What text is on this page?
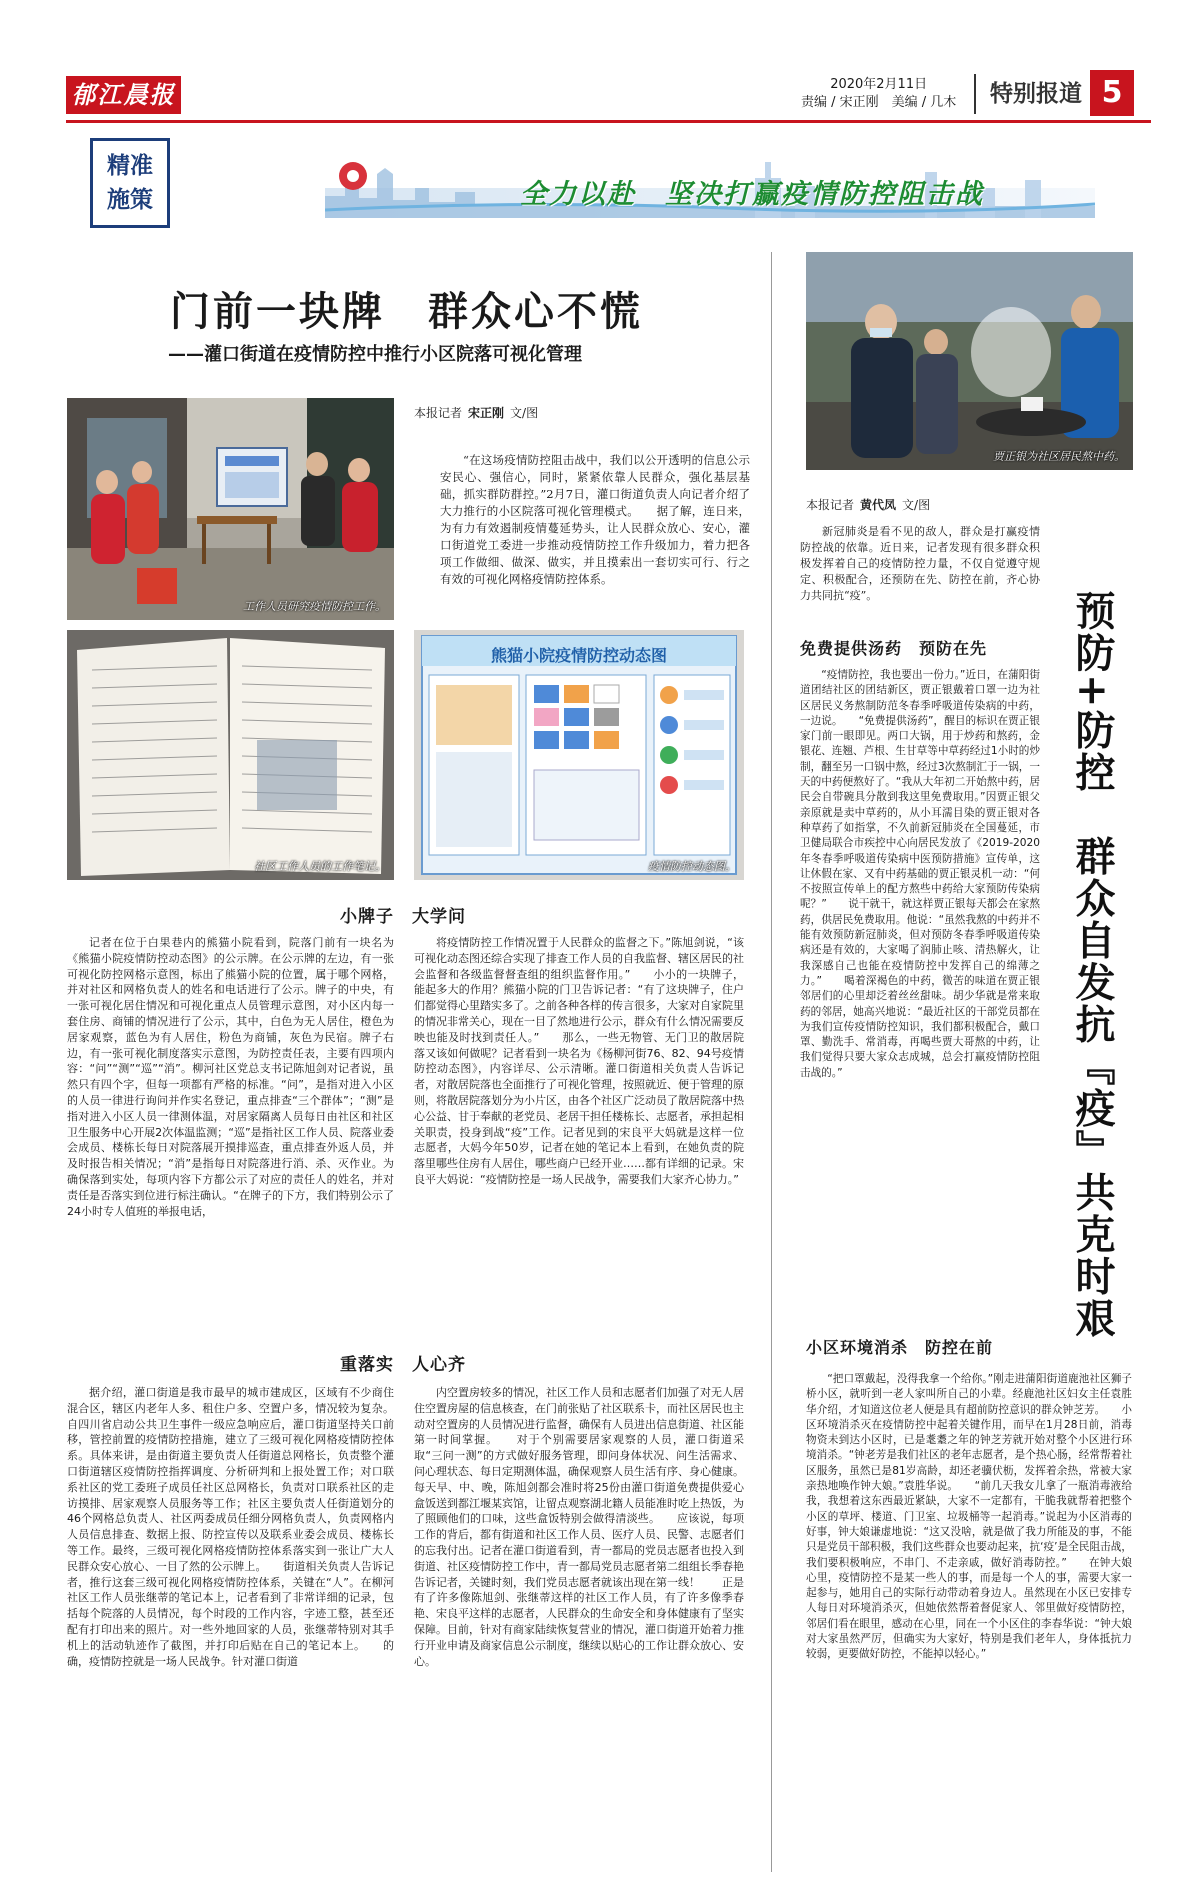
郁江晨报	2020年2月11日
责编 / 宋正刚　美编 / 几木	特别报道 5
精准
施策	全力以赴　坚决打赢疫情防控阻击战
门前一块牌　群众心不慌
——灌口街道在疫情防控中推行小区院落可视化管理
工作人员研究疫情防控工作。
社区工作人员的工作笔记。
熊猫小院疫情防控动态图
疫情防控动态图。
本报记者 宋正刚 文/图
“在这场疫情防控阻击战中，我们以公开透明的信息公示安民心、强信心，同时，紧紧依靠人民群众，强化基层基础，抓实群防群控。”2月7日，灌口街道负责人向记者介绍了大力推行的小区院落可视化管理模式。　　据了解，连日来，为有力有效遏制疫情蔓延势头，让人民群众放心、安心，灌口街道党工委进一步推动疫情防控工作升级加力，着力把各项工作做细、做深、做实，并且摸索出一套切实可行、行之有效的可视化网格疫情防控体系。
小牌子　大学问

记者在位于白果巷内的熊猫小院看到，院落门前有一块名为《熊猫小院疫情防控动态图》的公示牌。在公示牌的左边，有一张可视化防控网格示意图，标出了熊猫小院的位置，属于哪个网格，并对社区和网格负责人的姓名和电话进行了公示。牌子的中央，有一张可视化居住情况和可视化重点人员管理示意图，对小区内每一套住房、商铺的情况进行了公示，其中，白色为无人居住，橙色为居家观察，蓝色为有人居住，粉色为商铺，灰色为民宿。牌子右边，有一张可视化制度落实示意图，为防控责任表，主要有四项内容：“问”“测”“巡”“消”。柳河社区党总支书记陈旭剑对记者说，虽然只有四个字，但每一项都有严格的标准。“问”，是指对进入小区的人员一律进行询问并作实名登记，重点排查“三个群体”；“测”是指对进入小区人员一律测体温，对居家隔离人员每日由社区和社区卫生服务中心开展2次体温监测；“巡”是指社区工作人员、院落业委会成员、楼栋长每日对院落展开摸排巡查，重点排查外返人员，并及时报告相关情况；“消”是指每日对院落进行消、杀、灭作业。为确保落到实处，每项内容下方都公示了对应的责任人的姓名，并对责任是否落实到位进行标注确认。“在牌子的下方，我们特别公示了24小时专人值班的举报电话，

将疫情防控工作情况置于人民群众的监督之下。”陈旭剑说，“该可视化动态图还综合实现了排查工作人员的自我监督、辖区居民的社会监督和各级监督督查组的组织监督作用。”　　小小的一块牌子，能起多大的作用？熊猫小院的门卫告诉记者：“有了这块牌子，住户们都觉得心里踏实多了。之前各种各样的传言很多，大家对自家院里的情况非常关心，现在一目了然地进行公示，群众有什么情况需要反映也能及时找到责任人。”　　那么，一些无物管、无门卫的散居院落又该如何做呢？记者看到一块名为《杨柳河街76、82、94号疫情防控动态图》，内容详尽、公示清晰。灌口街道相关负责人告诉记者，对散居院落也全面推行了可视化管理，按照就近、便于管理的原则，将散居院落划分为小片区，由各个社区广泛动员了散居院落中热心公益、甘于奉献的老党员、老居干担任楼栋长、志愿者，承担起相关职责，投身到战“疫”工作。记者见到的宋良平大妈就是这样一位志愿者，大妈今年50岁，记者在她的笔记本上看到，在她负责的院落里哪些住房有人居住，哪些商户已经开业……都有详细的记录。宋良平大妈说：“疫情防控是一场人民战争，需要我们大家齐心协力。”

重落实　人心齐

据介绍，灌口街道是我市最早的城市建成区，区域有不少商住混合区，辖区内老年人多、租住户多、空置户多，情况较为复杂。自四川省启动公共卫生事件一级应急响应后，灌口街道坚持关口前移，管控前置的疫情防控措施，建立了三级可视化网格疫情防控体系。具体来讲，是由街道主要负责人任街道总网格长，负责整个灌口街道辖区疫情防控指挥调度、分析研判和上报处置工作；对口联系社区的党工委班子成员任社区总网格长，负责对口联系社区的走访摸排、居家观察人员服务等工作；社区主要负责人任街道划分的46个网格总负责人、社区两委成员任细分网格负责人，负责网格内人员信息排查、数据上报、防控宣传以及联系业委会成员、楼栋长等工作。最终，三级可视化网格疫情防控体系落实到一张让广大人民群众安心放心、一目了然的公示牌上。　　街道相关负责人告诉记者，推行这套三级可视化网格疫情防控体系，关键在“人”。在柳河社区工作人员张继蒂的笔记本上，记者看到了非常详细的记录，包括每个院落的人员情况，每个时段的工作内容，字迹工整，甚至还配有打印出来的照片。对一些外地回家的人员，张继蒂特别对其手机上的活动轨迹作了截图，并打印后贴在自己的笔记本上。　　的确，疫情防控就是一场人民战争。针对灌口街道

内空置房较多的情况，社区工作人员和志愿者们加强了对无人居住空置房屋的信息核查，在门前张贴了社区联系卡，而社区居民也主动对空置房的人员情况进行监督，确保有人员进出信息街道、社区能第一时间掌握。　　对于个别需要居家观察的人员，灌口街道采取“三问一测”的方式做好服务管理，即问身体状况、问生活需求、问心理状态、每日定期测体温，确保观察人员生活有序、身心健康。每天早、中、晚，陈旭剑都会准时将25份由灌口街道免费提供爱心盒饭送到都江堰某宾馆，让留点观察湖北籍人员能准时吃上热饭，为了照顾他们的口味，这些盒饭特别会做得清淡些。　　应该说，每项工作的背后，都有街道和社区工作人员、医疗人员、民警、志愿者们的忘我付出。记者在灌口街道看到，青一都局的党员志愿者也投入到街道、社区疫情防控工作中，青一都局党员志愿者第二组组长季春艳告诉记者，关键时刻，我们党员志愿者就该出现在第一线！　　正是有了许多像陈旭剑、张继蒂这样的社区工作人员，有了许多像季春艳、宋良平这样的志愿者，人民群众的生命安全和身体健康有了坚实保障。目前，针对有商家陆续恢复营业的情况，灌口街道开始着力推行开业申请及商家信息公示制度，继续以贴心的工作让群众放心、安心。

贾正银为社区居民熬中药。
本报记者 黄代凤 文/图
预防+防控　群众自发抗『疫』共克时艰
新冠肺炎是看不见的敌人，群众是打赢疫情防控战的依靠。近日来，记者发现有很多群众积极发挥着自己的疫情防控力量，不仅自觉遵守规定、积极配合，还预防在先、防控在前，齐心协力共同抗“疫”。
免费提供汤药　预防在先

“疫情防控，我也要出一份力。”近日，在蒲阳街道团结社区的团结新区，贾正银戴着口罩一边为社区居民义务熬制防范冬春季呼吸道传染病的中药，一边说。　　“免费提供汤药”，醒目的标识在贾正银家门前一眼即见。两口大锅，用于炒药和熬药，金银花、连翘、芦根、生甘草等中草药经过1小时的炒制，翻至另一口锅中熬，经过3次熬制汇于一锅，一天的中药便熬好了。“我从大年初二开始熬中药，居民会自带碗具分散到我这里免费取用。”因贾正银父亲原就是卖中草药的，从小耳濡目染的贾正银对各种草药了如指掌，不久前新冠肺炎在全国蔓延，市卫健局联合市疾控中心向居民发放了《2019-2020年冬春季呼吸道传染病中医预防措施》宣传单，这让休假在家、又有中药基础的贾正银灵机一动：“何不按照宣传单上的配方熬些中药给大家预防传染病呢？”　　说干就干，就这样贾正银每天都会在家熬药，供居民免费取用。他说：“虽然我熬的中药并不能有效预防新冠肺炎，但对预防冬春季呼吸道传染病还是有效的，大家喝了润肺止咳、清热解火，让我深感自己也能在疫情防控中发挥自己的绵薄之力。”　　喝着深褐色的中药，微苦的味道在贾正银邻居们的心里却泛着丝丝甜味。胡少华就是常来取药的邻居，她高兴地说：“最近社区的干部党员都在为我们宣传疫情防控知识，我们都积极配合，戴口罩、勤洗手、常消毒，再喝些贾大哥熬的中药，让我们觉得只要大家众志成城，总会打赢疫情防控阻击战的。”

小区环境消杀　防控在前

“把口罩戴起，没得我拿一个给你。”刚走进蒲阳街道鹿池社区狮子桥小区，就听到一老人家叫所自己的小辈。经鹿池社区妇女主任袁胜华介绍，才知道这位老人便是具有超前防控意识的群众钟芝芳。　　小区环境消杀灭在疫情防控中起着关键作用，而早在1月28日前，消毒物资未到达小区时，已是耄耋之年的钟芝芳就开始对整个小区进行环境消杀。“钟老芳是我们社区的老年志愿者，是个热心肠，经常帮着社区服务，虽然已是81岁高龄，却还老骥伏枥，发挥着余热，常被大家亲热地唤作钟大娘。”袁胜华说。　　“前几天我女儿拿了一瓶消毒液给我，我想着这东西最近紧缺，大家不一定都有，干脆我就帮着把整个小区的草坪、楼道、门卫室、垃圾桶等一起消毒。”说起为小区消毒的好事，钟大娘谦虚地说：“这又没啥，就是做了我力所能及的事，不能只是党员干部积极，我们这些群众也要动起来，抗‘疫’是全民阻击战，我们要积极响应，不串门、不走亲戚，做好消毒防控。”　　在钟大娘心里，疫情防控不是某一些人的事，而是每一个人的事，需要大家一起参与，她用自己的实际行动带动着身边人。虽然现在小区已安排专人每日对环境消杀灭，但她依然帮着督促家人、邻里做好疫情防控，邻居们看在眼里，感动在心里，同在一个小区住的李春华说：“钟大娘对大家虽然严厉，但确实为大家好，特别是我们老年人，身体抵抗力较弱，更要做好防控，不能掉以轻心。”
